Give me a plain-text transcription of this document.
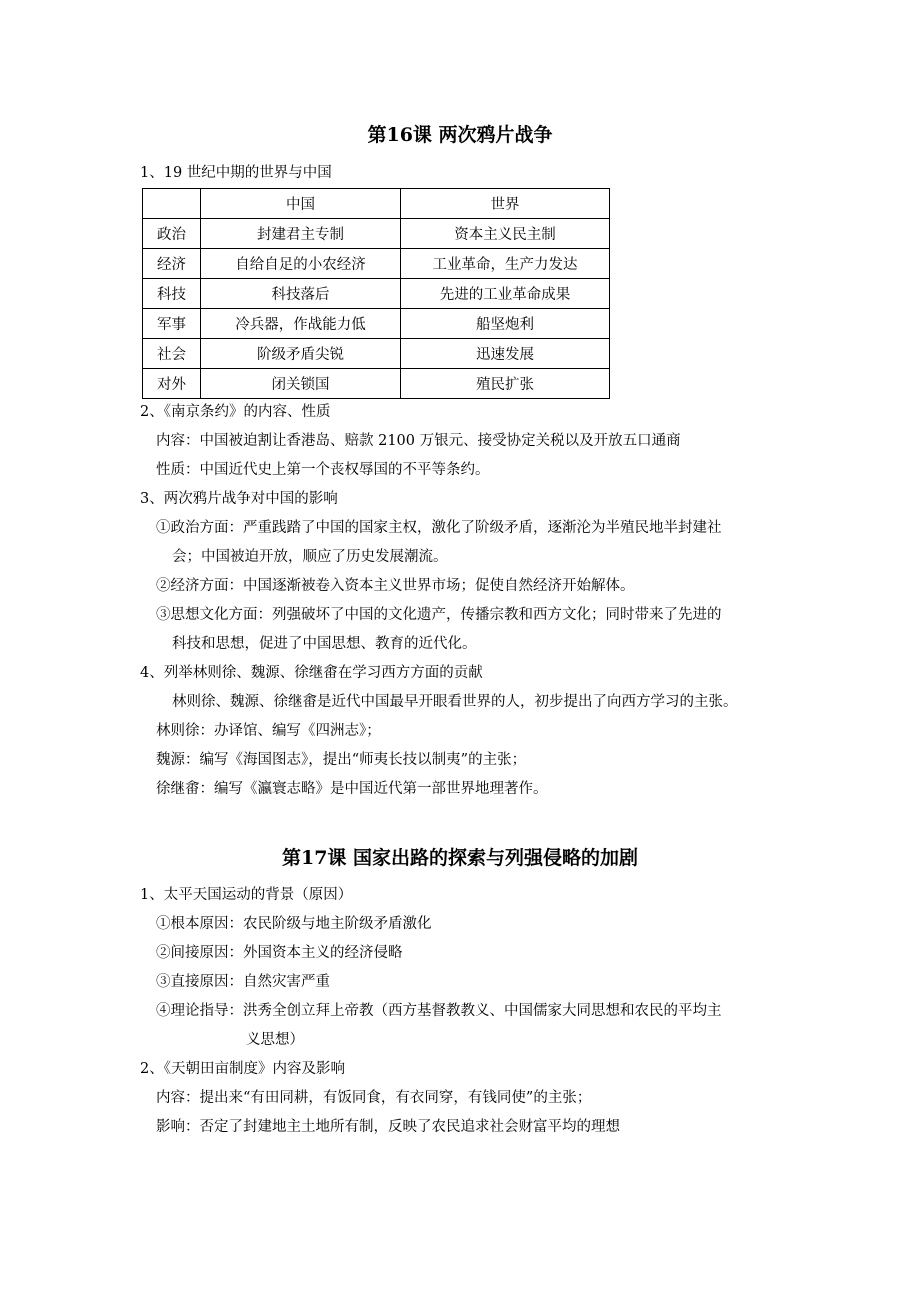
第16课 两次鸦片战争
1、19 世纪中期的世界与中国
	中国	世界
政治	封建君主专制	资本主义民主制
经济	自给自足的小农经济	工业革命，生产力发达
科技	科技落后	先进的工业革命成果
军事	冷兵器，作战能力低	船坚炮利
社会	阶级矛盾尖锐	迅速发展
对外	闭关锁国	殖民扩张
2、《南京条约》的内容、性质
内容：中国被迫割让香港岛、赔款 2100 万银元、接受协定关税以及开放五口通商
性质：中国近代史上第一个丧权辱国的不平等条约。
3、两次鸦片战争对中国的影响
①政治方面：严重践踏了中国的国家主权，激化了阶级矛盾，逐渐沦为半殖民地半封建社
会；中国被迫开放，顺应了历史发展潮流。
②经济方面：中国逐渐被卷入资本主义世界市场；促使自然经济开始解体。
③思想文化方面：列强破坏了中国的文化遗产，传播宗教和西方文化；同时带来了先进的
科技和思想，促进了中国思想、教育的近代化。
4、列举林则徐、魏源、徐继畬在学习西方方面的贡献
林则徐、魏源、徐继畬是近代中国最早开眼看世界的人，初步提出了向西方学习的主张。
林则徐：办译馆、编写《四洲志》；
魏源：编写《海国图志》，提出“师夷长技以制夷”的主张；
徐继畬：编写《瀛寰志略》是中国近代第一部世界地理著作。
第17课 国家出路的探索与列强侵略的加剧
1、太平天国运动的背景（原因）
①根本原因：农民阶级与地主阶级矛盾激化
②间接原因：外国资本主义的经济侵略
③直接原因：自然灾害严重
④理论指导：洪秀全创立拜上帝教（西方基督教教义、中国儒家大同思想和农民的平均主
义思想）
2、《天朝田亩制度》内容及影响
内容：提出来“有田同耕，有饭同食，有衣同穿，有钱同使”的主张；
影响：否定了封建地主土地所有制，反映了农民追求社会财富平均的理想
